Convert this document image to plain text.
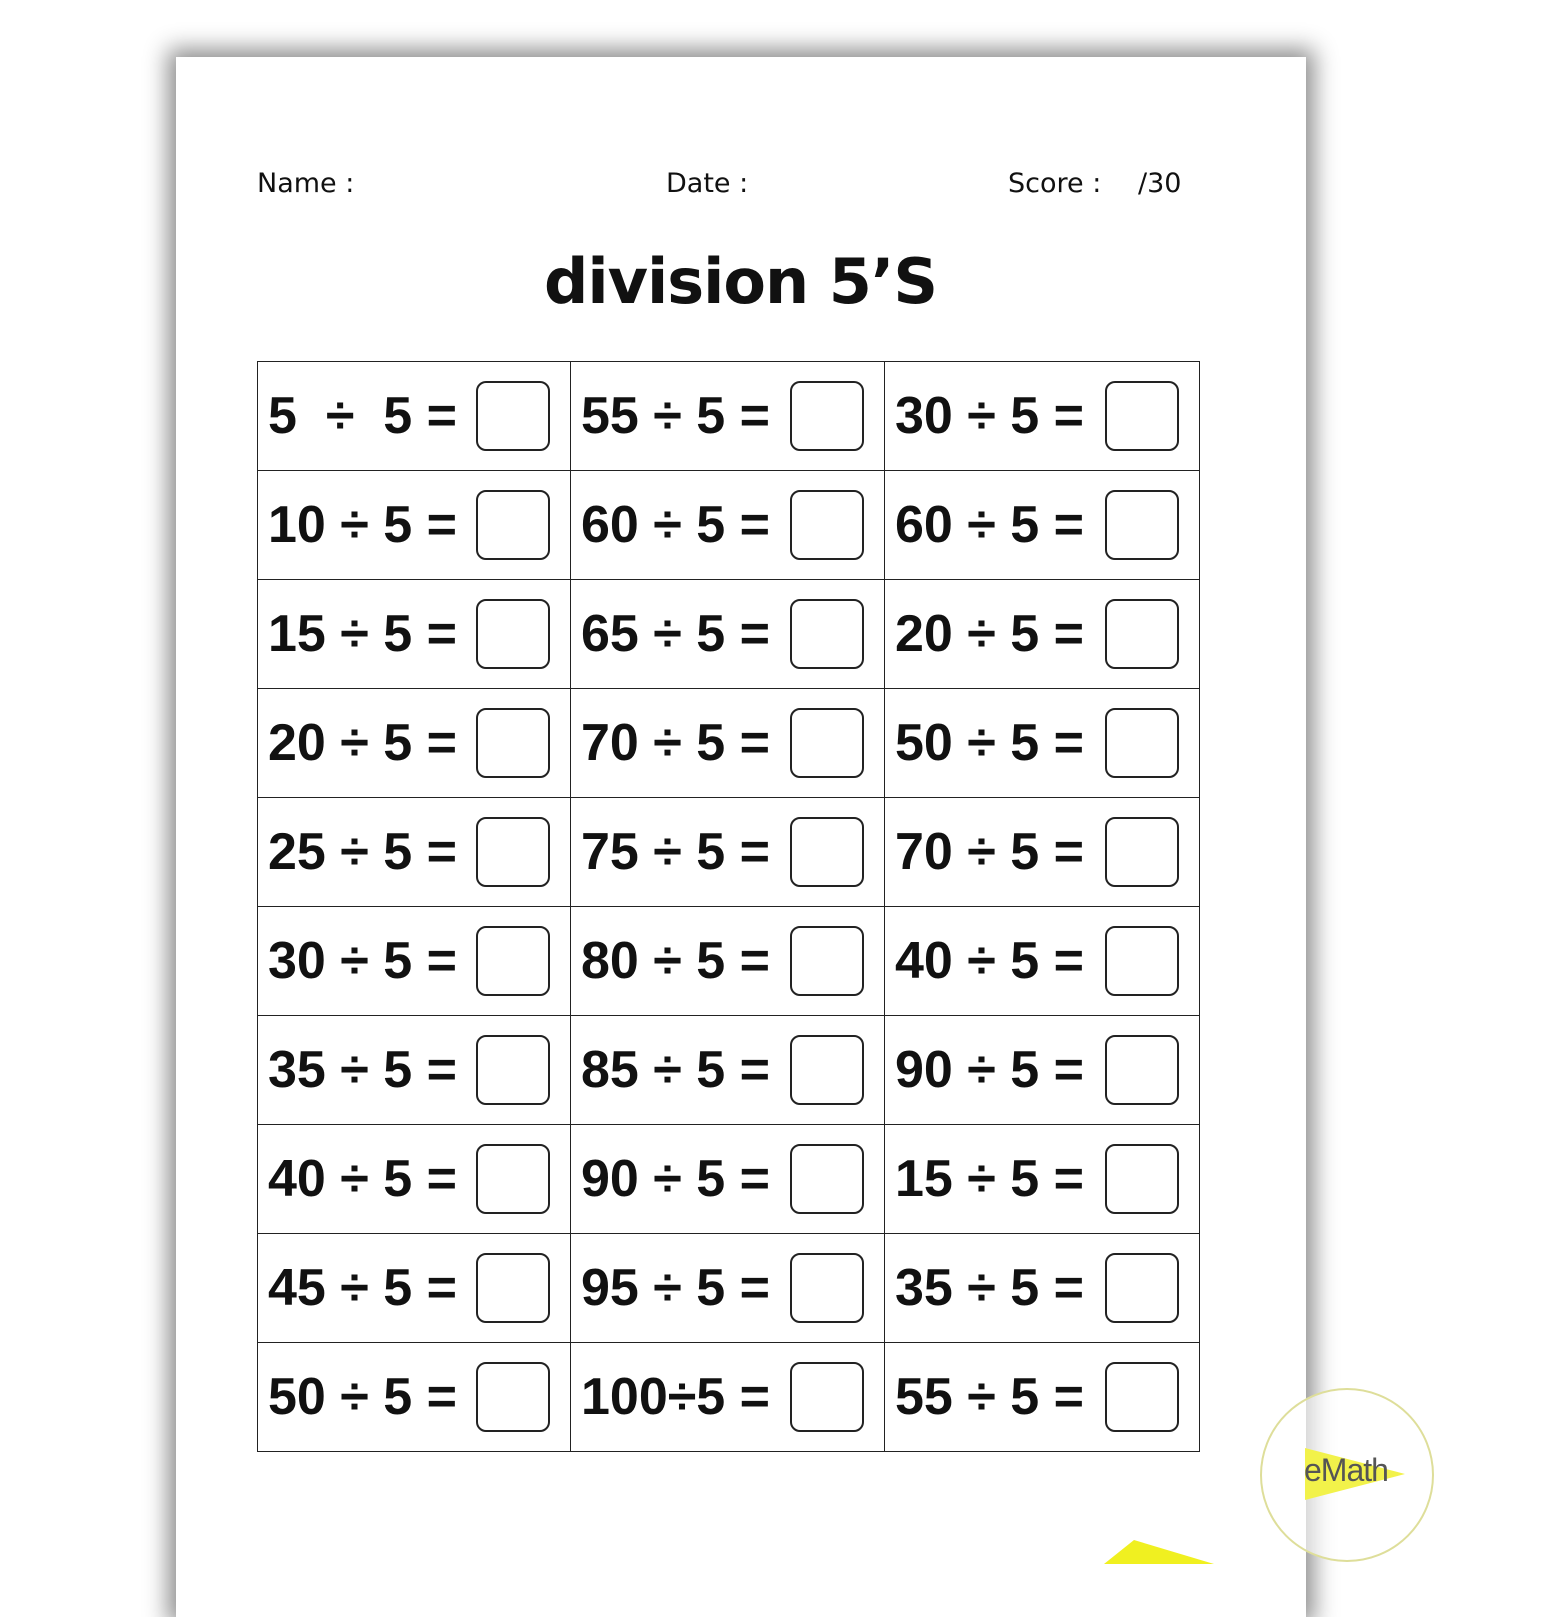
Name :	Date :	Score : /30
division 5’S
5  ÷  5 =	55 ÷ 5 =	30 ÷ 5 =

10 ÷ 5 =	60 ÷ 5 =	60 ÷ 5 =

15 ÷ 5 =	65 ÷ 5 =	20 ÷ 5 =

20 ÷ 5 =	70 ÷ 5 =	50 ÷ 5 =

25 ÷ 5 =	75 ÷ 5 =	70 ÷ 5 =

30 ÷ 5 =	80 ÷ 5 =	40 ÷ 5 =

35 ÷ 5 =	85 ÷ 5 =	90 ÷ 5 =

40 ÷ 5 =	90 ÷ 5 =	15 ÷ 5 =

45 ÷ 5 =	95 ÷ 5 =	35 ÷ 5 =

50 ÷ 5 =	100÷5 =	55 ÷ 5 =
eMath
